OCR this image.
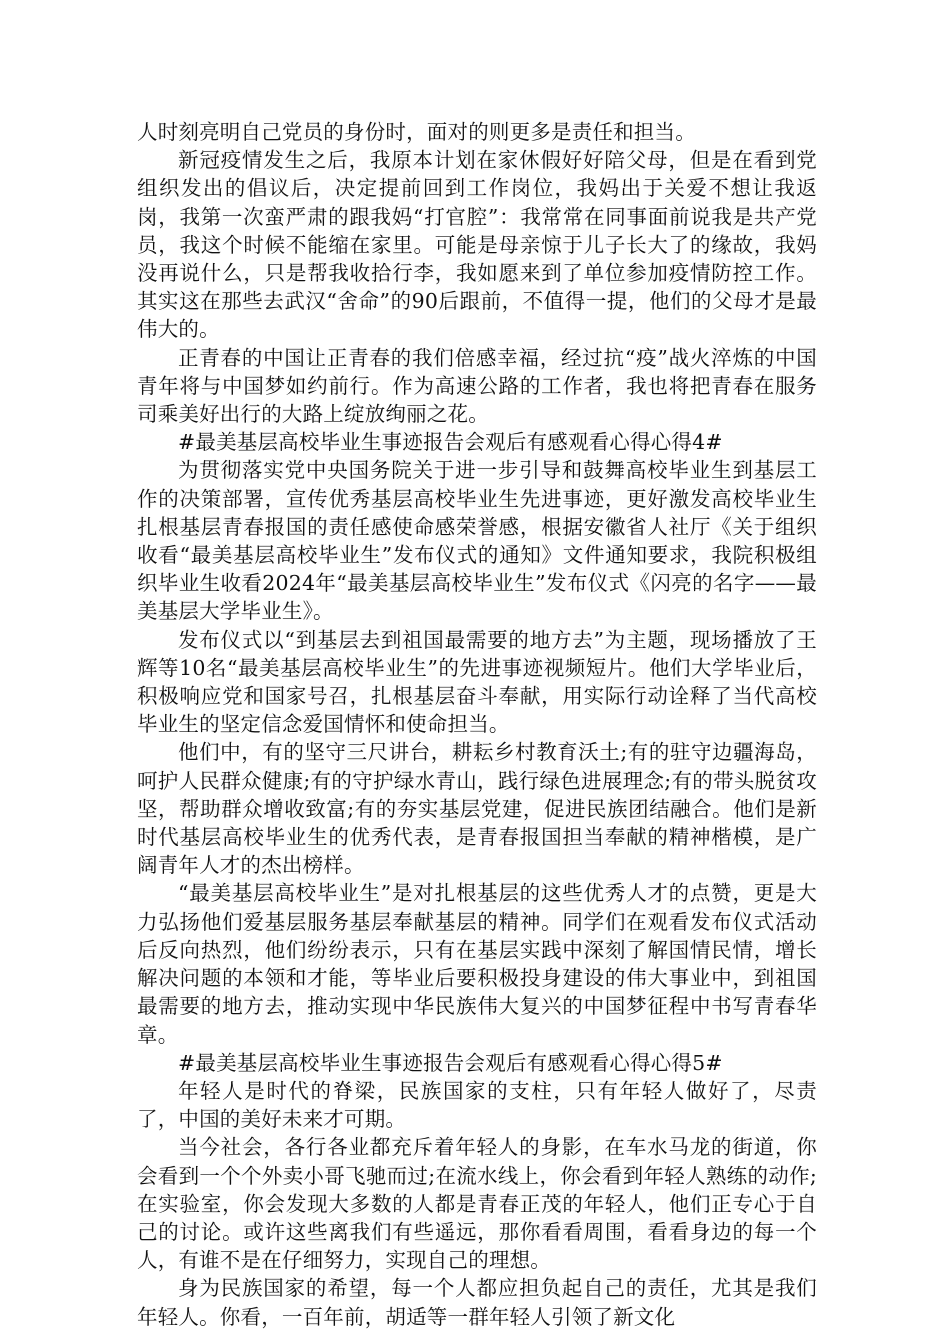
人时刻亮明自己党员的身份时，面对的则更多是责任和担当。

新冠疫情发生之后，我原本计划在家休假好好陪父母，但是在看到党组织发出的倡议后，决定提前回到工作岗位，我妈出于关爱不想让我返岗，我第一次蛮严肃的跟我妈“打官腔”：我常常在同事面前说我是共产党员，我这个时候不能缩在家里。可能是母亲惊于儿子长大了的缘故，我妈没再说什么，只是帮我收拾行李，我如愿来到了单位参加疫情防控工作。其实这在那些去武汉“舍命”的90后跟前，不值得一提，他们的父母才是最伟大的。

正青春的中国让正青春的我们倍感幸福，经过抗“疫”战火淬炼的中国青年将与中国梦如约前行。作为高速公路的工作者，我也将把青春在服务司乘美好出行的大路上绽放绚丽之花。

#最美基层高校毕业生事迹报告会观后有感观看心得心得4#

为贯彻落实党中央国务院关于进一步引导和鼓舞高校毕业生到基层工作的决策部署，宣传优秀基层高校毕业生先进事迹，更好激发高校毕业生扎根基层青春报国的责任感使命感荣誉感，根据安徽省人社厅《关于组织收看“最美基层高校毕业生”发布仪式的通知》文件通知要求，我院积极组织毕业生收看2024年“最美基层高校毕业生”发布仪式《闪亮的名字——最美基层大学毕业生》。

发布仪式以“到基层去到祖国最需要的地方去”为主题，现场播放了王辉等10名“最美基层高校毕业生”的先进事迹视频短片。他们大学毕业后，积极响应党和国家号召，扎根基层奋斗奉献，用实际行动诠释了当代高校毕业生的坚定信念爱国情怀和使命担当。

他们中，有的坚守三尺讲台，耕耘乡村教育沃土;有的驻守边疆海岛，呵护人民群众健康;有的守护绿水青山，践行绿色进展理念;有的带头脱贫攻坚，帮助群众增收致富;有的夯实基层党建，促进民族团结融合。他们是新时代基层高校毕业生的优秀代表，是青春报国担当奉献的精神楷模，是广阔青年人才的杰出榜样。

“最美基层高校毕业生”是对扎根基层的这些优秀人才的点赞，更是大力弘扬他们爱基层服务基层奉献基层的精神。同学们在观看发布仪式活动后反向热烈，他们纷纷表示，只有在基层实践中深刻了解国情民情，增长解决问题的本领和才能，等毕业后要积极投身建设的伟大事业中，到祖国最需要的地方去，推动实现中华民族伟大复兴的中国梦征程中书写青春华章。

#最美基层高校毕业生事迹报告会观后有感观看心得心得5#

年轻人是时代的脊梁，民族国家的支柱，只有年轻人做好了，尽责了，中国的美好未来才可期。

当今社会，各行各业都充斥着年轻人的身影，在车水马龙的街道，你会看到一个个外卖小哥飞驰而过;在流水线上，你会看到年轻人熟练的动作;在实验室，你会发现大多数的人都是青春正茂的年轻人，他们正专心于自己的讨论。或许这些离我们有些遥远，那你看看周围，看看身边的每一个人，有谁不是在仔细努力，实现自己的理想。

身为民族国家的希望，每一个人都应担负起自己的责任，尤其是我们年轻人。你看，一百年前，胡适等一群年轻人引领了新文化
